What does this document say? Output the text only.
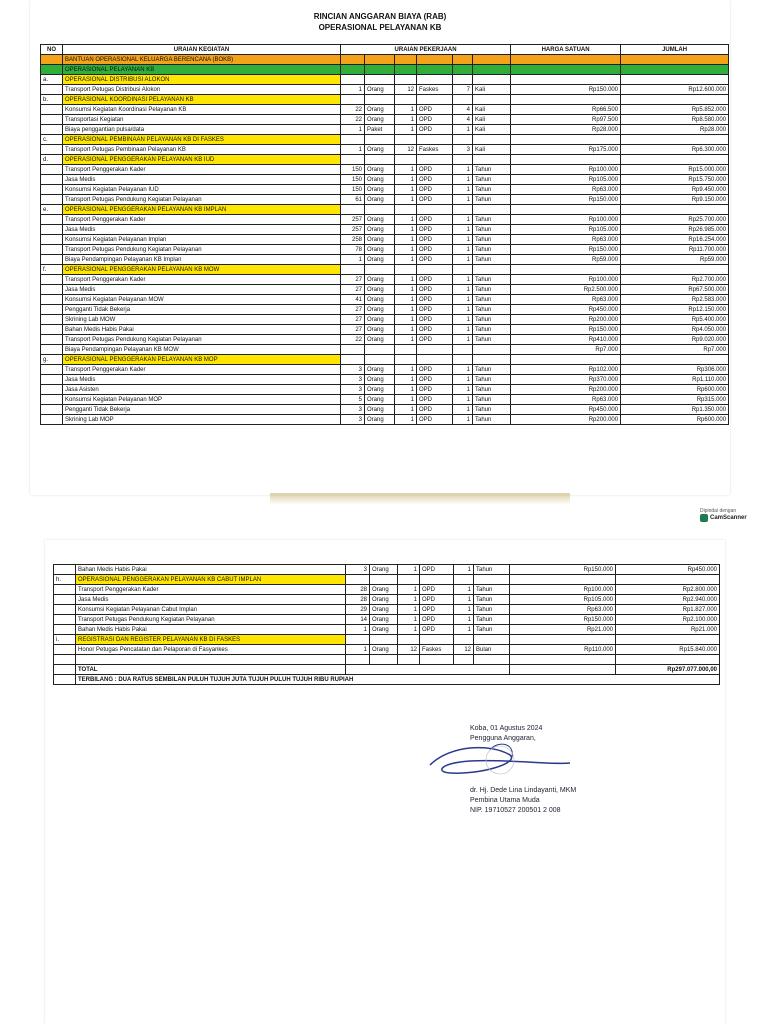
RINCIAN ANGGARAN BIAYA (RAB)
OPERASIONAL PELAYANAN KB
NO	URAIAN KEGIATAN	URAIAN PEKERJAAN						HARGA SATUAN	JUMLAH
	BANTUAN OPERASIONAL KELUARGA BERENCANA (BOKB)								
	OPERASIONAL PELAYANAN KB								
a.	OPERASIONAL DISTRIBUSI ALOKON								
	Transport Petugas Distribusi Alokon	1	Orang	12	Faskes	7	Kali	Rp150.000	Rp12.600.000
b.	OPERASIONAL KOORDINASI PELAYANAN KB								
	Konsumsi Kegiatan Koordinasi Pelayanan KB	22	Orang	1	OPD	4	Kali	Rp66.500	Rp5.852.000
	Transportasi Kegiatan	22	Orang	1	OPD	4	Kali	Rp97.500	Rp8.580.000
	Biaya penggantian pulsa/data	1	Paket	1	OPD	1	Kali	Rp28.000	Rp28.000
c.	OPERASIONAL PEMBINAAN PELAYANAN KB DI FASKES								
	Transport Petugas Pembinaan Pelayanan KB	1	Orang	12	Faskes	3	Kali	Rp175.000	Rp6.300.000
d.	OPERASIONAL PENGGERAKAN PELAYANAN KB IUD								
	Transport Penggerakan Kader	150	Orang	1	OPD	1	Tahun	Rp100.000	Rp15.000.000
	Jasa Medis	150	Orang	1	OPD	1	Tahun	Rp105.000	Rp15.750.000
	Konsumsi Kegiatan Pelayanan IUD	150	Orang	1	OPD	1	Tahun	Rp63.000	Rp9.450.000
	Transport Petugas Pendukung Kegiatan Pelayanan	61	Orang	1	OPD	1	Tahun	Rp150.000	Rp9.150.000
e.	OPERASIONAL PENGGERAKAN PELAYANAN KB IMPLAN								
	Transport Penggerakan Kader	257	Orang	1	OPD	1	Tahun	Rp100.000	Rp25.700.000
	Jasa Medis	257	Orang	1	OPD	1	Tahun	Rp105.000	Rp26.985.000
	Konsumsi Kegiatan Pelayanan Implan	258	Orang	1	OPD	1	Tahun	Rp63.000	Rp16.254.000
	Transport Petugas Pendukung Kegiatan Pelayanan	78	Orang	1	OPD	1	Tahun	Rp150.000	Rp11.700.000
	Biaya Pendampingan Pelayanan KB Implan	1	Orang	1	OPD	1	Tahun	Rp59.000	Rp59.000
f.	OPERASIONAL PENGGERAKAN PELAYANAN KB MOW								
	Transport Penggerakan Kader	27	Orang	1	OPD	1	Tahun	Rp100.000	Rp2.700.000
	Jasa Medis	27	Orang	1	OPD	1	Tahun	Rp2.500.000	Rp67.500.000
	Konsumsi Kegiatan Pelayanan MOW	41	Orang	1	OPD	1	Tahun	Rp63.000	Rp2.583.000
	Pengganti Tidak Bekerja	27	Orang	1	OPD	1	Tahun	Rp450.000	Rp12.150.000
	Skrining Lab MOW	27	Orang	1	OPD	1	Tahun	Rp200.000	Rp5.400.000
	Bahan Medis Habis Pakai	27	Orang	1	OPD	1	Tahun	Rp150.000	Rp4.050.000
	Transport Petugas Pendukung Kegiatan Pelayanan	22	Orang	1	OPD	1	Tahun	Rp410.000	Rp9.020.000
	Biaya Pendampingan Pelayanan KB MOW							Rp7.000	Rp7.000
g.	OPERASIONAL PENGGERAKAN PELAYANAN KB MOP								
	Transport Penggerakan Kader	3	Orang	1	OPD	1	Tahun	Rp102.000	Rp306.000
	Jasa Medis	3	Orang	1	OPD	1	Tahun	Rp370.000	Rp1.110.000
	Jasa Asisten	3	Orang	1	OPD	1	Tahun	Rp200.000	Rp600.000
	Konsumsi Kegiatan Pelayanan MOP	5	Orang	1	OPD	1	Tahun	Rp63.000	Rp315.000
	Pengganti Tidak Bekerja	3	Orang	1	OPD	1	Tahun	Rp450.000	Rp1.350.000
	Skrining Lab MOP	3	Orang	1	OPD	1	Tahun	Rp200.000	Rp600.000
Dipindai dengan
CamScanner
	Bahan Medis Habis Pakai	3	Orang	1	OPD	1	Tahun	Rp150.000	Rp450.000
h.	OPERASIONAL PENGGERAKAN PELAYANAN KB CABUT IMPLAN								
	Transport Penggerakan Kader	28	Orang	1	OPD	1	Tahun	Rp100.000	Rp2.800.000
	Jasa Medis	28	Orang	1	OPD	1	Tahun	Rp105.000	Rp2.940.000
	Konsumsi Kegiatan Pelayanan Cabut Implan	29	Orang	1	OPD	1	Tahun	Rp63.000	Rp1.827.000
	Transport Petugas Pendukung Kegiatan Pelayanan	14	Orang	1	OPD	1	Tahun	Rp150.000	Rp2.100.000
	Bahan Medis Habis Pakai	1	Orang	1	OPD	1	Tahun	Rp21.000	Rp21.000
i.	REGISTRASI DAN REGISTER PELAYANAN KB DI FASKES								
	Honor Petugas Pencatatan dan Pelaporan di Fasyankes	1	Orang	12	Faskes	12	Bulan	Rp110.000	Rp15.840.000

	TOTAL								Rp297.077.000,00
	TERBILANG : DUA RATUS SEMBILAN PULUH TUJUH JUTA TUJUH PULUH TUJUH RIBU RUPIAH								
Koba, 01 Agustus 2024
Pengguna Anggaran,
dr. Hj. Dede Lina Lindayanti, MKM
Pembina Utama Muda
NIP. 19710527 200501 2 008
